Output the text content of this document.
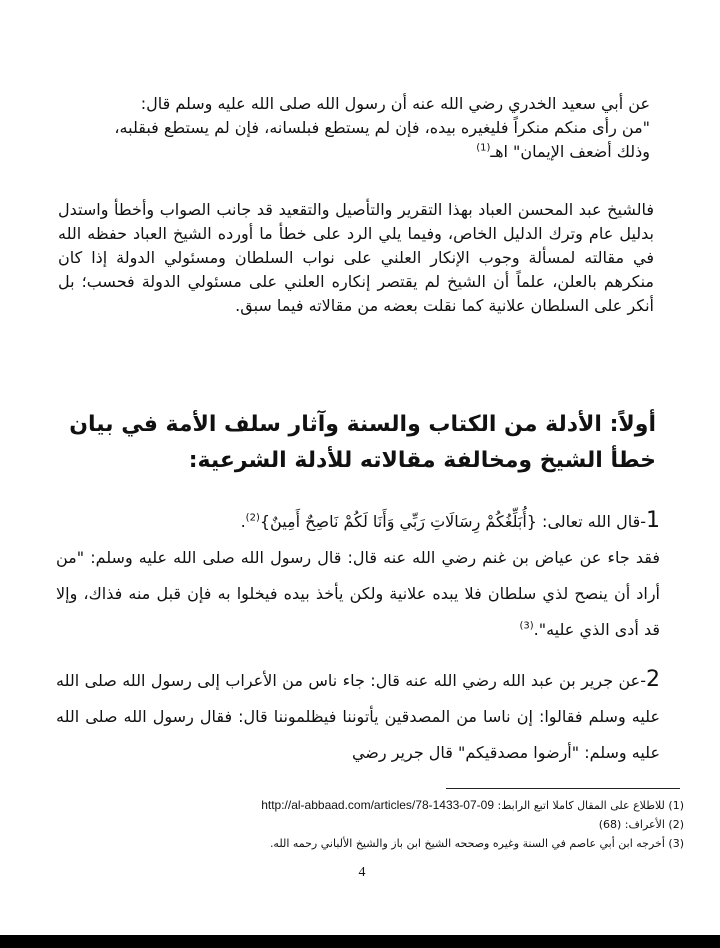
عن أبي سعيد الخدري رضي الله عنه أن رسول الله صلى الله عليه وسلم قال:

"من رأى منكم منكراً فليغيره بيده، فإن لم يستطع فبلسانه، فإن لم يستطع فبقلبه،

وذلك أضعف الإيمان" اهـ$^{(1)}$

فالشيخ عبد المحسن العباد بهذا التقرير والتأصيل والتقعيد قد جانب الصواب وأخطأ واستدل بدليل عام وترك الدليل الخاص، وفيما يلي الرد على خطأ ما أورده الشيخ العباد حفظه الله في مقالته لمسألة وجوب الإنكار العلني على نواب السلطان ومسئولي الدولة إذا كان منكرهم بالعلن، علماً أن الشيخ لم يقتصر إنكاره العلني على مسئولي الدولة فحسب؛ بل أنكر على السلطان علانية كما نقلت بعضه من مقالاته فيما سبق.

أولاً: الأدلة من الكتاب والسنة وآثار سلف الأمة في بيان

خطأ الشيخ ومخالفة مقالاته للأدلة الشرعية:

1-قال الله تعالى: {أُبَلِّغُكُمْ رِسَالَاتِ رَبِّي وَأَنَا لَكُمْ نَاصِحٌ أَمِينٌ}$^{(2)}$.
فقد جاء عن عياض بن غنم رضي الله عنه قال: قال رسول الله صلى الله عليه وسلم: "من أراد أن ينصح لذي سلطان فلا يبده علانية ولكن يأخذ بيده فيخلوا به فإن قبل منه فذاك، وإلا قد أدى الذي عليه".$^{(3)}$
2-عن جرير بن عبد الله رضي الله عنه قال: جاء ناس من الأعراب إلى رسول الله صلى الله عليه وسلم فقالوا: إن ناسا من المصدقين يأتوننا فيظلموننا قال: فقال رسول الله صلى الله عليه وسلم: "أرضوا مصدقيكم" قال جرير رضي

(1) للاطلاع على المقال كاملا اتبع الرابط: http://al-abbaad.com/articles/78-1433-07-09

(2) الأعراف: (68)

(3) أخرجه ابن أبي عاصم في السنة وغيره وصححه الشيخ ابن باز والشيخ الألباني رحمه الله.

4
